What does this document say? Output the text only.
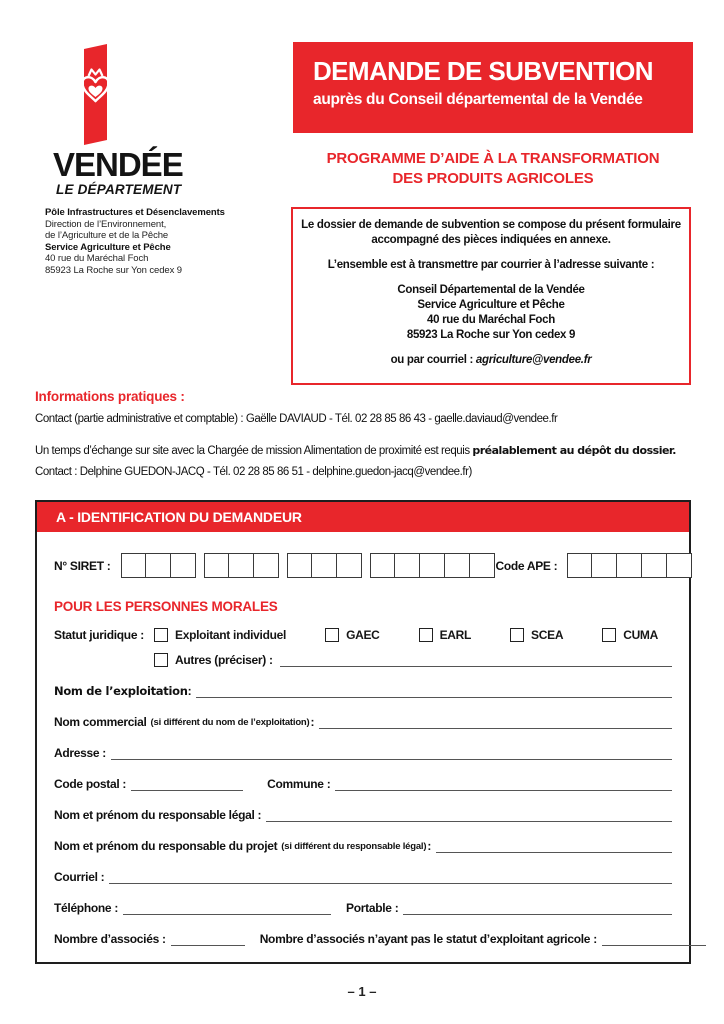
VENDÉE
LE DÉPARTEMENT
Pôle Infrastructures et Désenclavements
Direction de l’Environnement,
de l’Agriculture et de la Pêche
Service Agriculture et Pêche
40 rue du Maréchal Foch
85923 La Roche sur Yon cedex 9
DEMANDE DE SUBVENTION
auprès du Conseil départemental de la Vendée
PROGRAMME D’AIDE À LA TRANSFORMATION
DES PRODUITS AGRICOLES

Le dossier de demande de subvention se compose du présent formulaire accompagné des pièces indiquées en annexe.

L’ensemble est à transmettre par courrier à l’adresse suivante :

Conseil Départemental de la Vendée
Service Agriculture et Pêche
40 rue du Maréchal Foch
85923 La Roche sur Yon cedex 9

ou par courriel : agriculture@vendee.fr

Informations pratiques :
Contact (partie administrative et comptable) : Gaëlle DAVIAUD - Tél. 02 28 85 86 43 - gaelle.daviaud@vendee.fr
Un temps d’échange sur site avec la Chargée de mission Alimentation de proximité est requis préalablement au dépôt du dossier.
Contact : Delphine GUEDON-JACQ - Tél. 02 28 85 86 51 - delphine.guedon-jacq@vendee.fr)
A - IDENTIFICATION DU DEMANDEUR
N° SIRET :	Code APE :
POUR LES PERSONNES MORALES
Statut juridique :	Exploitant individuel	GAEC	EARL	SCEA	CUMA
Autres (préciser) :
Nom de l’exploitation :
Nom commercial (si différent du nom de l’exploitation) :
Adresse :
Code postal :	Commune :
Nom et prénom du responsable légal :
Nom et prénom du responsable du projet (si différent du responsable légal) :
Courriel :
Téléphone :	Portable :
Nombre d’associés :	Nombre d’associés n’ayant pas le statut d’exploitant agricole :
– 1 –
